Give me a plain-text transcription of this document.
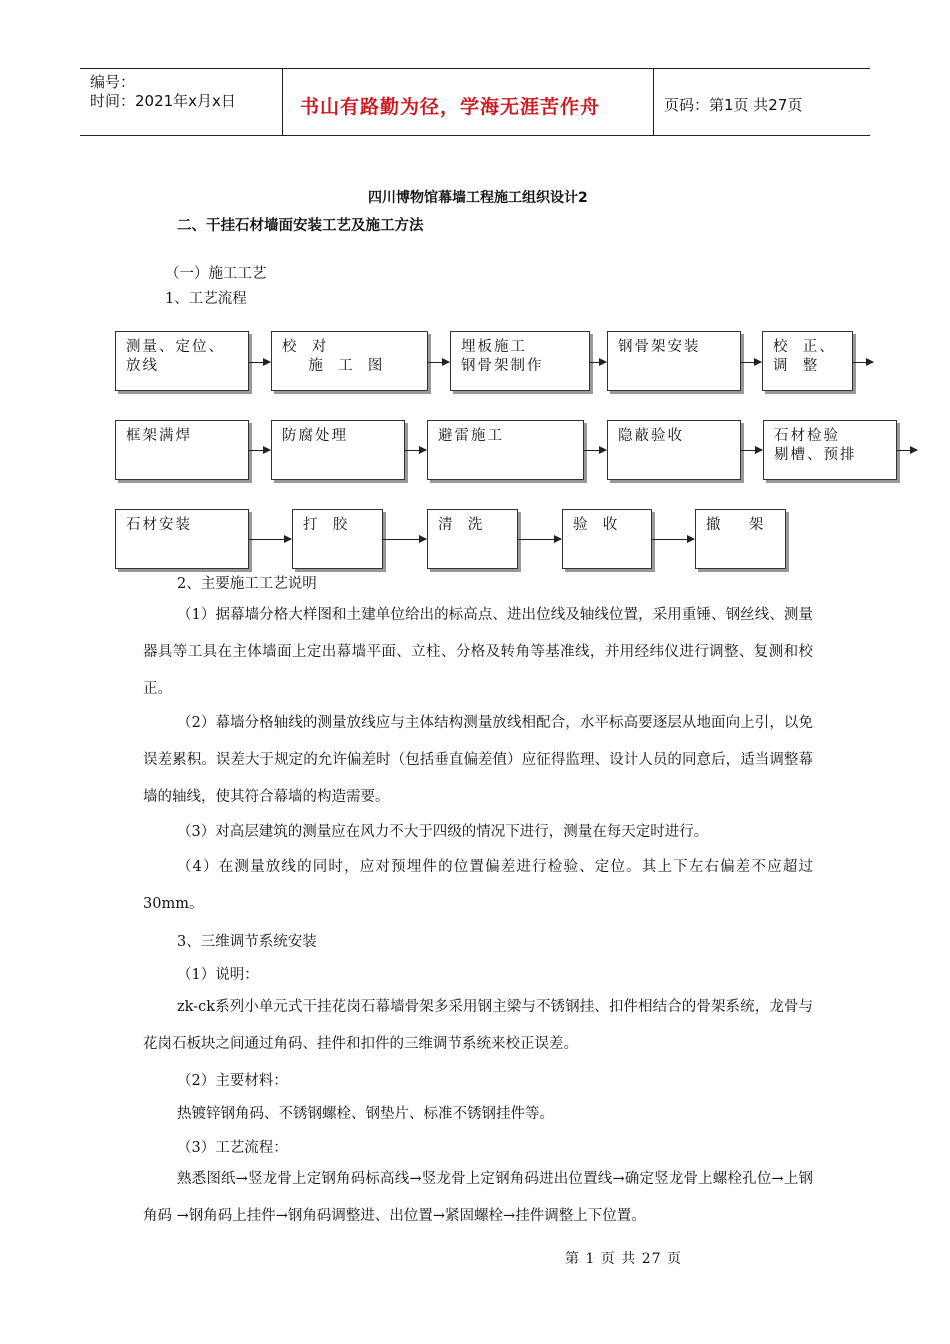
编号：
时间：2021年x月x日	书山有路勤为径，学海无涯苦作舟	页码：第1页 共27页
四川博物馆幕墙工程施工组织设计2
二、干挂石材墙面安装工艺及施工方法
（一）施工工艺
1、工艺流程
测量、定位、
放线
校  对
施  工  图
埋板施工
钢骨架制作
钢骨架安装	校  正、
调  整
框架满焊	防腐处理	避雷施工	隐蔽验收	石材检验
剔槽、预排
石材安装	打  胶	清  洗	验  收	撤    架
2、主要施工工艺说明
（1）据幕墙分格大样图和土建单位给出的标高点、进出位线及轴线位置，采用重锤、钢丝线、测量器具等工具在主体墙面上定出幕墙平面、立柱、分格及转角等基准线，并用经纬仪进行调整、复测和校正。
（2）幕墙分格轴线的测量放线应与主体结构测量放线相配合，水平标高要逐层从地面向上引，以免误差累积。误差大于规定的允许偏差时（包括垂直偏差值）应征得监理、设计人员的同意后，适当调整幕墙的轴线，使其符合幕墙的构造需要。
（3）对高层建筑的测量应在风力不大于四级的情况下进行，测量在每天定时进行。
（4）在测量放线的同时，应对预埋件的位置偏差进行检验、定位。其上下左右偏差不应超过30mm。
3、三维调节系统安装
（1）说明：
zk-ck系列小单元式干挂花岗石幕墙骨架多采用钢主梁与不锈钢挂、扣件相结合的骨架系统，龙骨与花岗石板块之间通过角码、挂件和扣件的三维调节系统来校正误差。
（2）主要材料：
热镀锌钢角码、不锈钢螺栓、钢垫片、标准不锈钢挂件等。
（3）工艺流程：
熟悉图纸→竖龙骨上定钢角码标高线→竖龙骨上定钢角码进出位置线→确定竖龙骨上螺栓孔位→上钢角码 →钢角码上挂件→钢角码调整进、出位置→紧固螺栓→挂件调整上下位置。
第 1 页 共 27 页
